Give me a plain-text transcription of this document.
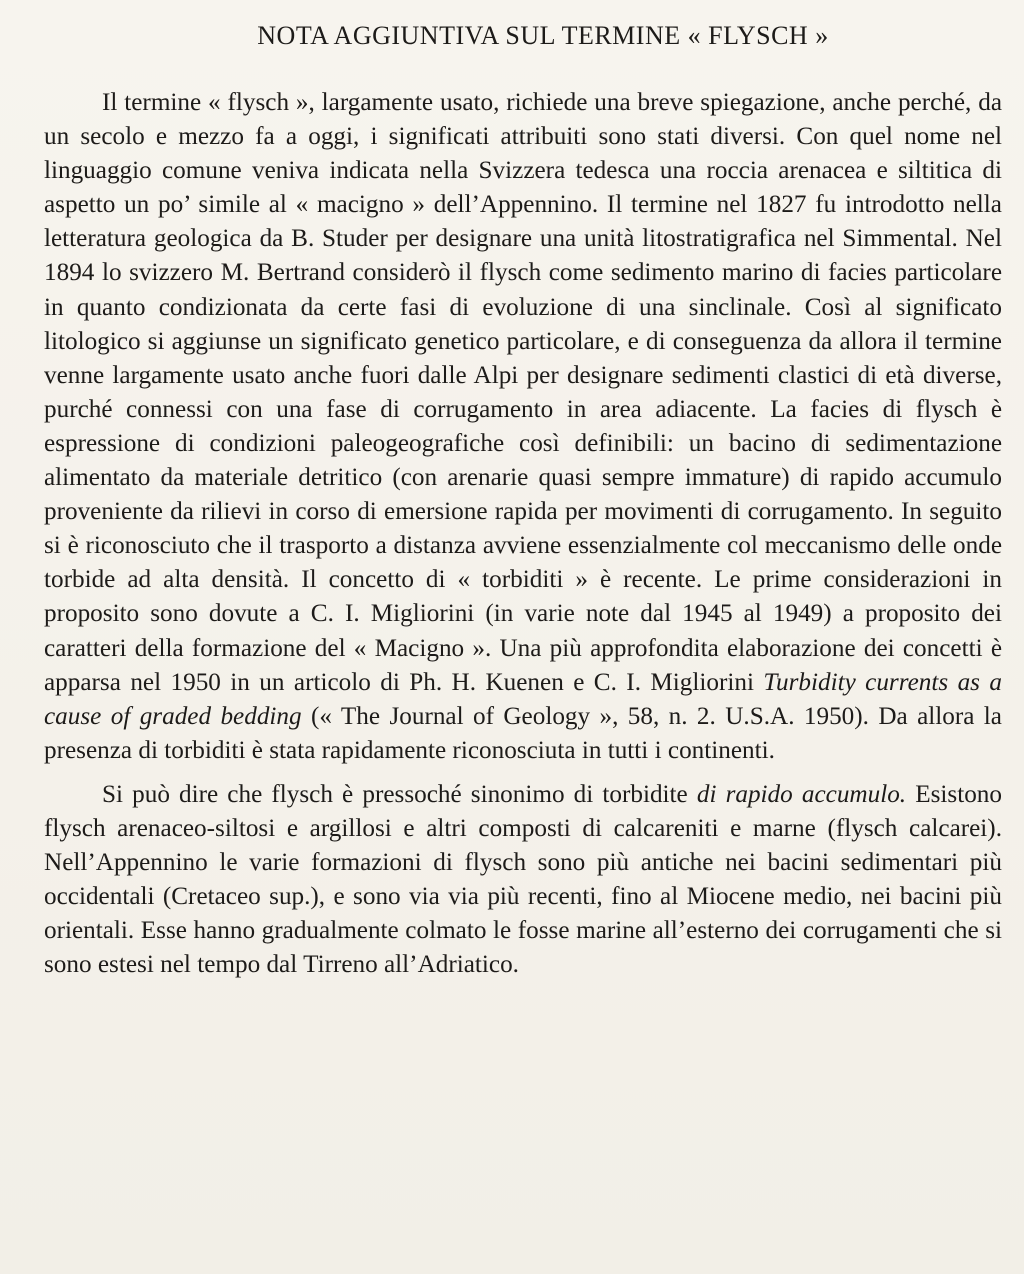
NOTA AGGIUNTIVA SUL TERMINE « FLYSCH »

Il termine « flysch », largamente usato, richiede una breve spiegazione, anche perché, da un secolo e mezzo fa a oggi, i significati attribuiti sono stati diversi. Con quel nome nel linguaggio comune veniva indicata nella Svizzera tedesca una roccia arenacea e siltitica di aspetto un po’ simile al « macigno » dell’Appennino. Il termine nel 1827 fu introdotto nella letteratura geologica da B. Studer per designare una unità litostratigrafica nel Simmental. Nel 1894 lo svizzero M. Bertrand considerò il flysch come sedimento marino di facies particolare in quanto condizionata da certe fasi di evoluzione di una sinclinale. Così al significato litologico si aggiunse un significato genetico particolare, e di conseguenza da allora il termine venne largamente usato anche fuori dalle Alpi per designare sedimenti clastici di età diverse, purché connessi con una fase di corrugamento in area adiacente. La facies di flysch è espressione di condizioni paleogeografiche così definibili: un bacino di sedimentazione alimentato da materiale detritico (con arenarie quasi sempre immature) di rapido accumulo proveniente da rilievi in corso di emersione rapida per movimenti di corrugamento. In seguito si è riconosciuto che il trasporto a distanza avviene essenzialmente col meccanismo delle onde torbide ad alta densità. Il concetto di « torbiditi » è recente. Le prime considerazioni in proposito sono dovute a C. I. Migliorini (in varie note dal 1945 al 1949) a proposito dei caratteri della formazione del « Macigno ». Una più approfondita elaborazione dei concetti è apparsa nel 1950 in un articolo di Ph. H. Kuenen e C. I. Migliorini Turbidity currents as a cause of graded bedding (« The Journal of Geology », 58, n. 2. U.S.A. 1950). Da allora la presenza di torbiditi è stata rapidamente riconosciuta in tutti i continenti.

Si può dire che flysch è pressoché sinonimo di torbidite di rapido accumulo. Esistono flysch arenaceo-siltosi e argillosi e altri composti di calcareniti e marne (flysch calcarei). Nell’Appennino le varie formazioni di flysch sono più antiche nei bacini sedimentari più occidentali (Cretaceo sup.), e sono via via più recenti, fino al Miocene medio, nei bacini più orientali. Esse hanno gradualmente colmato le fosse marine all’esterno dei corrugamenti che si sono estesi nel tempo dal Tirreno all’Adriatico.
